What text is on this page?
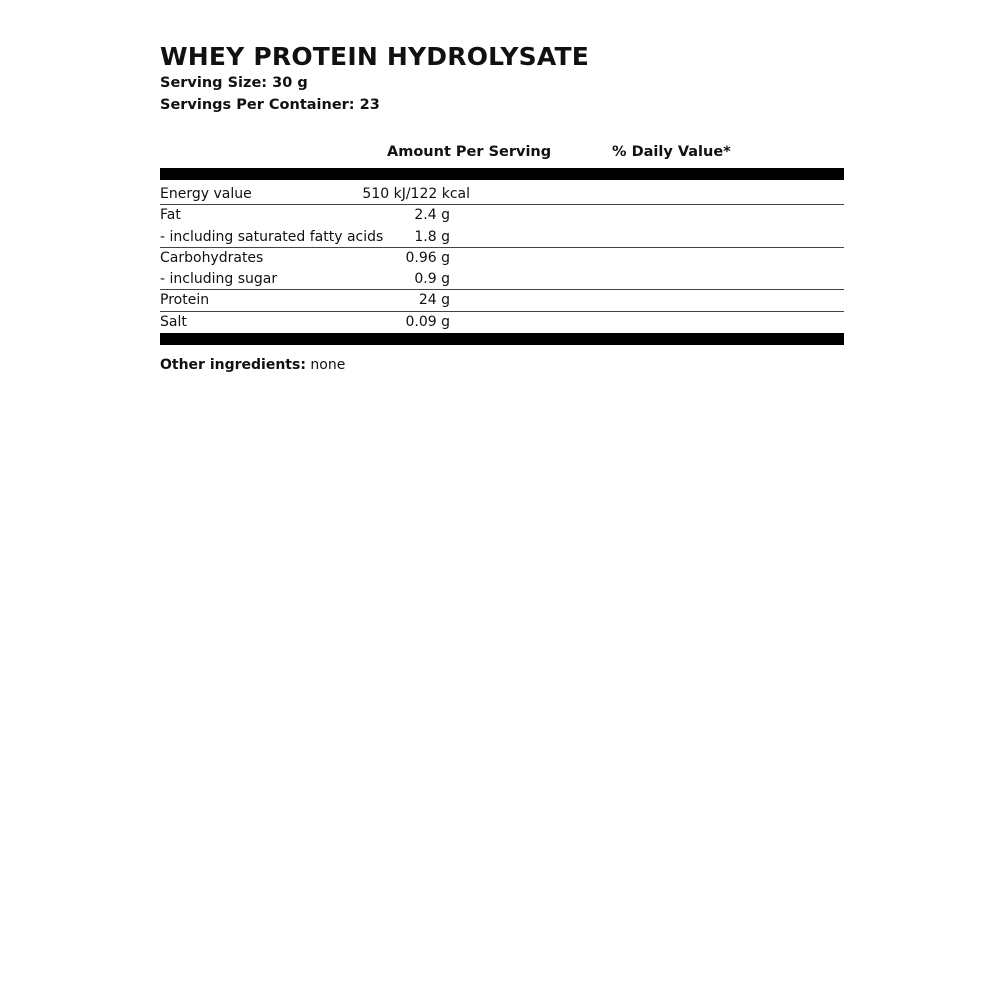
WHEY PROTEIN HYDROLYSATE
Serving Size: 30 g
Servings Per Container: 23
Amount Per Serving	% Daily Value*
Energy value	510 kJ/122 kcal
Fat	2.4 g
- including saturated fatty acids 1.8 g
Carbohydrates	0.96 g
- including sugar	0.9 g
Protein	24 g
Salt	0.09 g
Other ingredients: none
